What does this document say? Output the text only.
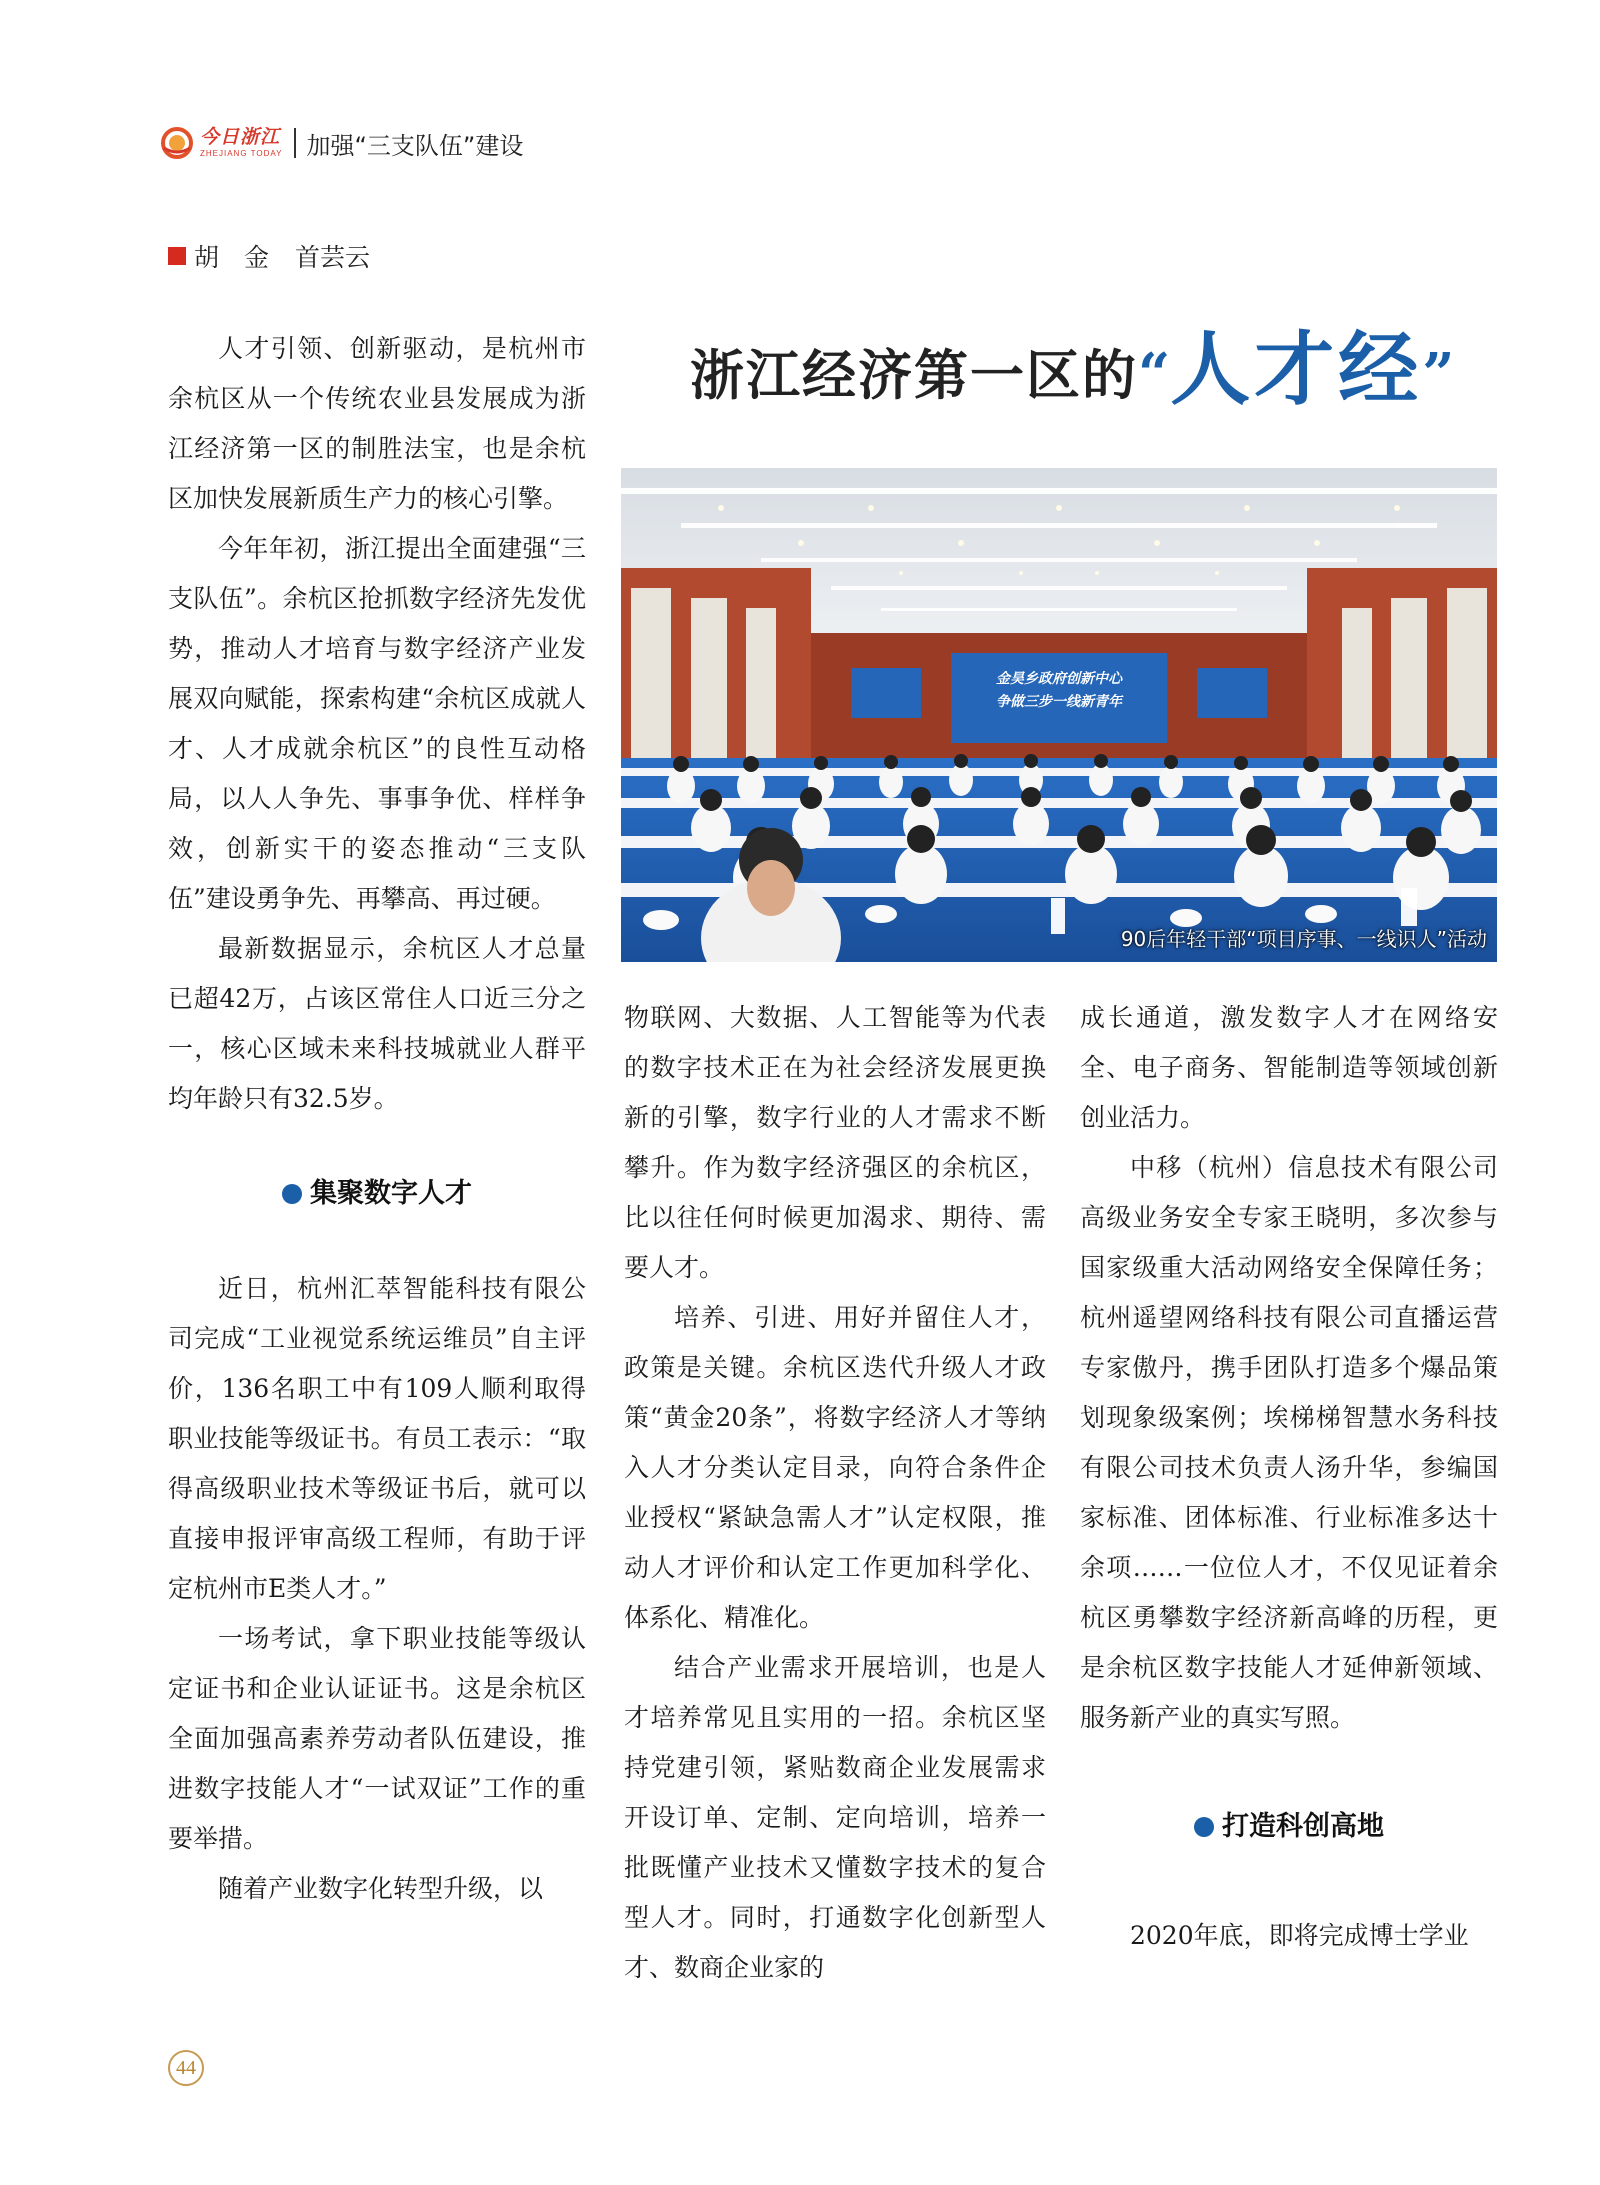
今日浙江
ZHEJIANG TODAY 加强“三支队伍”建设
胡　金 首芸云
浙江经济第一区的 “ 人才经 ”
金昊乡政府创新中心
争做三步一线新青年
90后年轻干部“项目序事、一线识人”活动

人才引领、创新驱动，是杭州市余杭区从一个传统农业县发展成为浙江经济第一区的制胜法宝，也是余杭区加快发展新质生产力的核心引擎。

今年年初，浙江提出全面建强“三支队伍”。余杭区抢抓数字经济先发优势，推动人才培育与数字经济产业发展双向赋能，探索构建“余杭区成就人才、人才成就余杭区”的良性互动格局，以人人争先、事事争优、样样争效，创新实干的姿态推动“三支队伍”建设勇争先、再攀高、再过硬。

最新数据显示，余杭区人才总量已超42万，占该区常住人口近三分之一，核心区域未来科技城就业人群平均年龄只有32.5岁。

集聚数字人才

近日，杭州汇萃智能科技有限公司完成“工业视觉系统运维员”自主评价，136名职工中有109人顺利取得职业技能等级证书。有员工表示：“取得高级职业技术等级证书后，就可以直接申报评审高级工程师，有助于评定杭州市E类人才。”

一场考试，拿下职业技能等级认定证书和企业认证证书。这是余杭区全面加强高素养劳动者队伍建设，推进数字技能人才“一试双证”工作的重要举措。

随着产业数字化转型升级，以

物联网、大数据、人工智能等为代表的数字技术正在为社会经济发展更换新的引擎，数字行业的人才需求不断攀升。作为数字经济强区的余杭区，比以往任何时候更加渴求、期待、需要人才。

培养、引进、用好并留住人才，政策是关键。余杭区迭代升级人才政策“黄金20条”，将数字经济人才等纳入人才分类认定目录，向符合条件企业授权“紧缺急需人才”认定权限，推动人才评价和认定工作更加科学化、体系化、精准化。

结合产业需求开展培训，也是人才培养常见且实用的一招。余杭区坚持党建引领，紧贴数商企业发展需求开设订单、定制、定向培训，培养一批既懂产业技术又懂数字技术的复合型人才。同时，打通数字化创新型人才、数商企业家的

成长通道，激发数字人才在网络安全、电子商务、智能制造等领域创新创业活力。

中移（杭州）信息技术有限公司高级业务安全专家王晓明，多次参与国家级重大活动网络安全保障任务；杭州遥望网络科技有限公司直播运营专家傲丹，携手团队打造多个爆品策划现象级案例；埃梯梯智慧水务科技有限公司技术负责人汤升华，参编国家标准、团体标准、行业标准多达十余项……一位位人才，不仅见证着余杭区勇攀数字经济新高峰的历程，更是余杭区数字技能人才延伸新领域、服务新产业的真实写照。

打造科创高地

2020年底，即将完成博士学业

44
